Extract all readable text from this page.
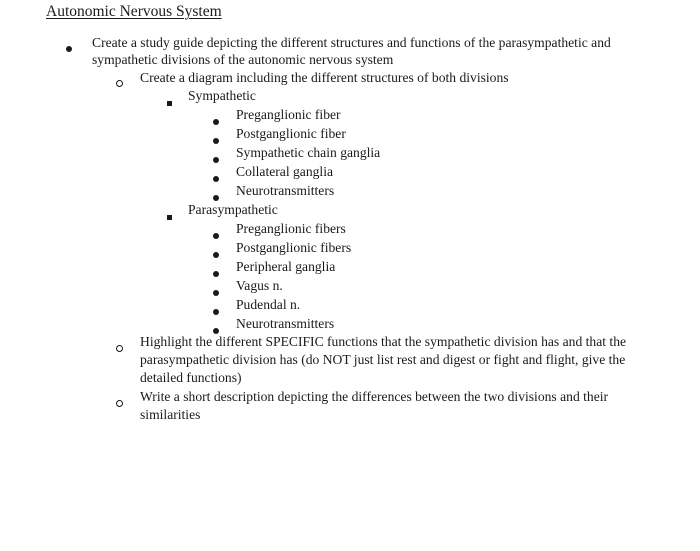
Autonomic Nervous System
Create a study guide depicting the different structures and functions of the parasympathetic and
sympathetic divisions of the autonomic nervous system
Create a diagram including the different structures of both divisions
Sympathetic
Preganglionic fiber
Postganglionic fiber
Sympathetic chain ganglia
Collateral ganglia
Neurotransmitters
Parasympathetic
Preganglionic fibers
Postganglionic fibers
Peripheral ganglia
Vagus n.
Pudendal n.
Neurotransmitters
Highlight the different SPECIFIC functions that the sympathetic division has and that the
parasympathetic division has (do NOT just list rest and digest or fight and flight, give the
detailed functions)
Write a short description depicting the differences between the two divisions and their
similarities
